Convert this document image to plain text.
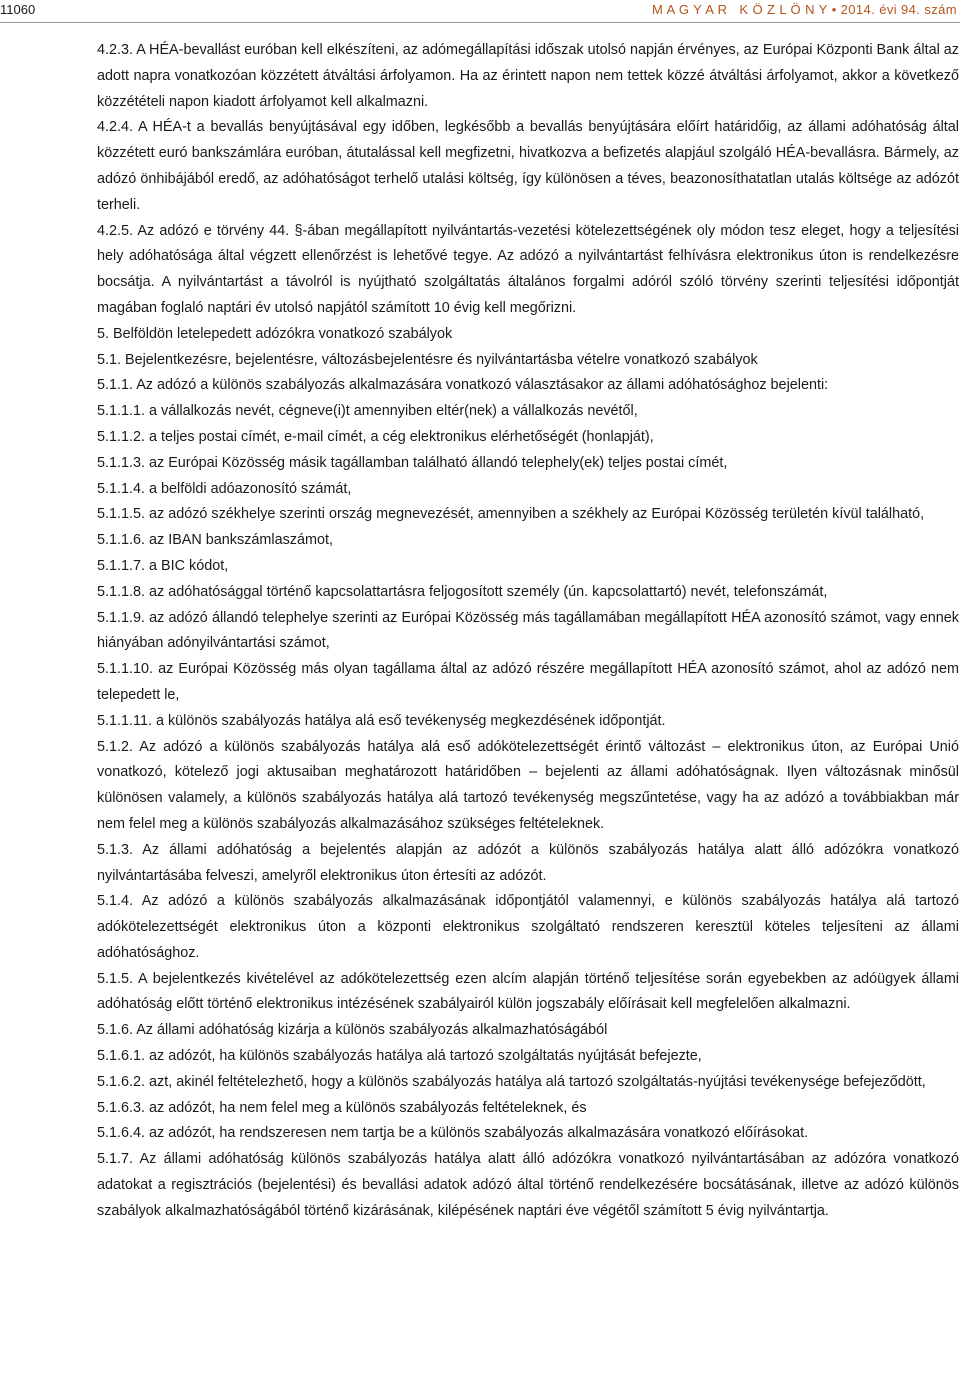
11060	M A G Y A R   K Ö Z L Ö N Y • 2014. évi 94. szám

4.2.3. A HÉA-bevallást euróban kell elkészíteni, az adómegállapítási időszak utolsó napján érvényes, az Európai Központi Bank által az adott napra vonatkozóan közzétett átváltási árfolyamon. Ha az érintett napon nem tettek közzé átváltási árfolyamot, akkor a következő közzétételi napon kiadott árfolyamot kell alkalmazni.

4.2.4. A HÉA-t a bevallás benyújtásával egy időben, legkésőbb a bevallás benyújtására előírt határidőig, az állami adóhatóság által közzétett euró bankszámlára euróban, átutalással kell megfizetni, hivatkozva a befizetés alapjául szolgáló HÉA-bevallásra. Bármely, az adózó önhibájából eredő, az adóhatóságot terhelő utalási költség, így különösen a téves, beazonosíthatatlan utalás költsége az adózót terheli.

4.2.5. Az adózó e törvény 44. §-ában megállapított nyilvántartás-vezetési kötelezettségének oly módon tesz eleget, hogy a teljesítési hely adóhatósága által végzett ellenőrzést is lehetővé tegye. Az adózó a nyilvántartást felhívásra elektronikus úton is rendelkezésre bocsátja. A nyilvántartást a távolról is nyújtható szolgáltatás általános forgalmi adóról szóló törvény szerinti teljesítési időpontját magában foglaló naptári év utolsó napjától számított 10 évig kell megőrizni.

5. Belföldön letelepedett adózókra vonatkozó szabályok

5.1. Bejelentkezésre, bejelentésre, változásbejelentésre és nyilvántartásba vételre vonatkozó szabályok

5.1.1. Az adózó a különös szabályozás alkalmazására vonatkozó választásakor az állami adóhatósághoz bejelenti:

5.1.1.1. a vállalkozás nevét, cégneve(i)t amennyiben eltér(nek) a vállalkozás nevétől,

5.1.1.2. a teljes postai címét, e-mail címét, a cég elektronikus elérhetőségét (honlapját),

5.1.1.3. az Európai Közösség másik tagállamban található állandó telephely(ek) teljes postai címét,

5.1.1.4. a belföldi adóazonosító számát,

5.1.1.5. az adózó székhelye szerinti ország megnevezését, amennyiben a székhely az Európai Közösség területén kívül található,

5.1.1.6. az IBAN bankszámlaszámot,

5.1.1.7. a BIC kódot,

5.1.1.8. az adóhatósággal történő kapcsolattartásra feljogosított személy (ún. kapcsolattartó) nevét, telefonszámát,

5.1.1.9. az adózó állandó telephelye szerinti az Európai Közösség más tagállamában megállapított HÉA azonosító számot, vagy ennek hiányában adónyilvántartási számot,

5.1.1.10. az Európai Közösség más olyan tagállama által az adózó részére megállapított HÉA azonosító számot, ahol az adózó nem telepedett le,

5.1.1.11. a különös szabályozás hatálya alá eső tevékenység megkezdésének időpontját.

5.1.2. Az adózó a különös szabályozás hatálya alá eső adókötelezettségét érintő változást – elektronikus úton, az Európai Unió vonatkozó, kötelező jogi aktusaiban meghatározott határidőben – bejelenti az állami adóhatóságnak. Ilyen változásnak minősül különösen valamely, a különös szabályozás hatálya alá tartozó tevékenység megszűntetése, vagy ha az adózó a továbbiakban már nem felel meg a különös szabályozás alkalmazásához szükséges feltételeknek.

5.1.3. Az állami adóhatóság a bejelentés alapján az adózót a különös szabályozás hatálya alatt álló adózókra vonatkozó nyilvántartásába felveszi, amelyről elektronikus úton értesíti az adózót.

5.1.4. Az adózó a különös szabályozás alkalmazásának időpontjától valamennyi, e különös szabályozás hatálya alá tartozó adókötelezettségét elektronikus úton a központi elektronikus szolgáltató rendszeren keresztül köteles teljesíteni az állami adóhatósághoz.

5.1.5. A bejelentkezés kivételével az adókötelezettség ezen alcím alapján történő teljesítése során egyebekben az adóügyek állami adóhatóság előtt történő elektronikus intézésének szabályairól külön jogszabály előírásait kell megfelelően alkalmazni.

5.1.6. Az állami adóhatóság kizárja a különös szabályozás alkalmazhatóságából

5.1.6.1. az adózót, ha különös szabályozás hatálya alá tartozó szolgáltatás nyújtását befejezte,

5.1.6.2. azt, akinél feltételezhető, hogy a különös szabályozás hatálya alá tartozó szolgáltatás-nyújtási tevékenysége befejeződött,

5.1.6.3. az adózót, ha nem felel meg a különös szabályozás feltételeknek, és

5.1.6.4. az adózót, ha rendszeresen nem tartja be a különös szabályozás alkalmazására vonatkozó előírásokat.

5.1.7. Az állami adóhatóság különös szabályozás hatálya alatt álló adózókra vonatkozó nyilvántartásában az adózóra vonatkozó adatokat a regisztrációs (bejelentési) és bevallási adatok adózó által történő rendelkezésére bocsátásának, illetve az adózó különös szabályok alkalmazhatóságából történő kizárásának, kilépésének naptári éve végétől számított 5 évig nyilvántartja.
